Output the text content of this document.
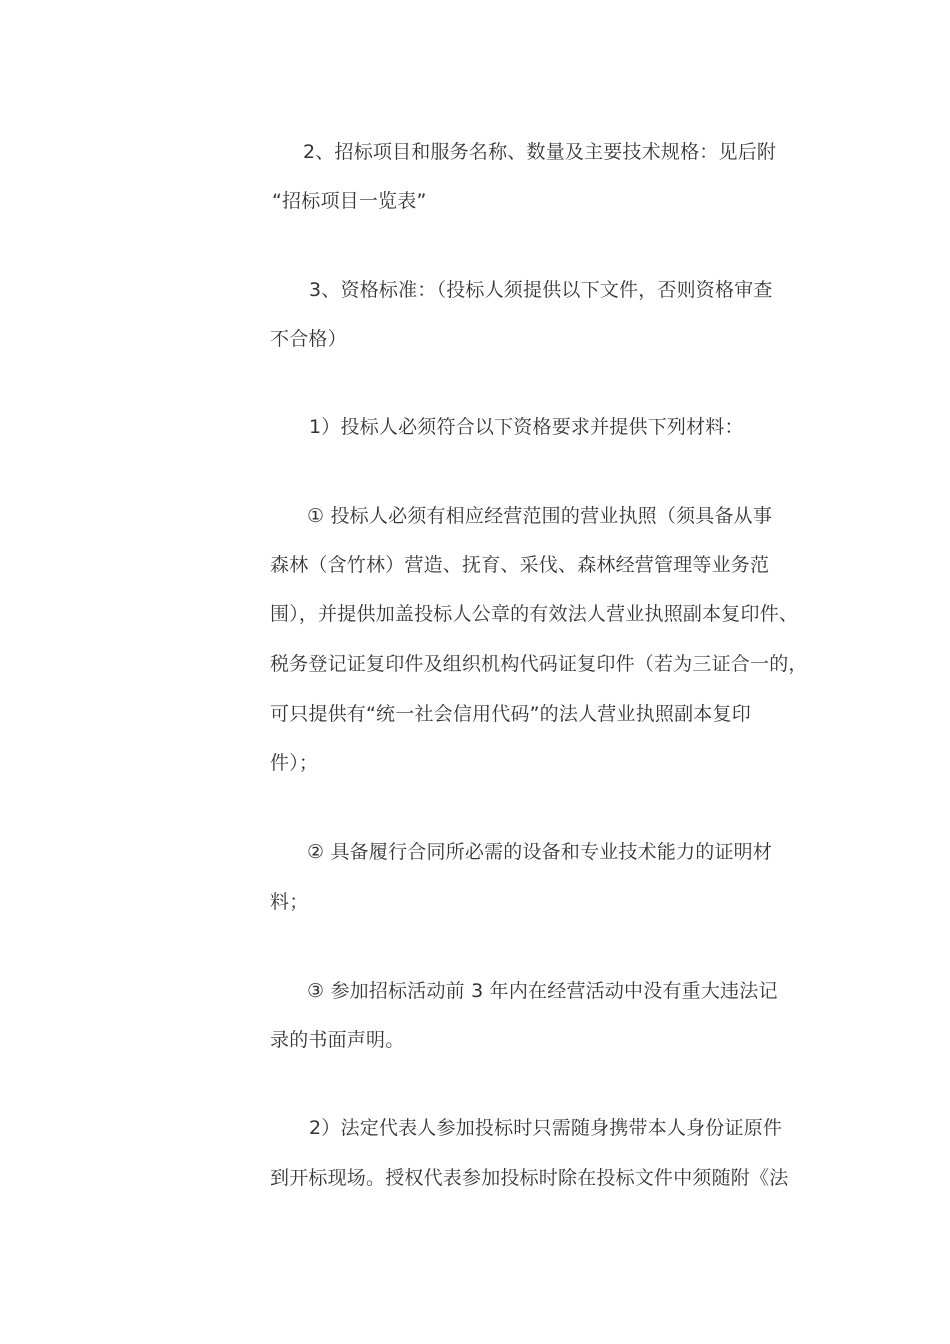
2、招标项目和服务名称、数量及主要技术规格：见后附
“招标项目一览表”
3、资格标准：（投标人须提供以下文件，否则资格审查
不合格）
1）投标人必须符合以下资格要求并提供下列材料：
① 投标人必须有相应经营范围的营业执照（须具备从事
森林（含竹林）营造、抚育、采伐、森林经营管理等业务范
围），并提供加盖投标人公章的有效法人营业执照副本复印件、
税务登记证复印件及组织机构代码证复印件（若为三证合一的，
可只提供有“统一社会信用代码”的法人营业执照副本复印
件）；
② 具备履行合同所必需的设备和专业技术能力的证明材
料；
③ 参加招标活动前 3 年内在经营活动中没有重大违法记
录的书面声明。
2）法定代表人参加投标时只需随身携带本人身份证原件
到开标现场。授权代表参加投标时除在投标文件中须随附《法
